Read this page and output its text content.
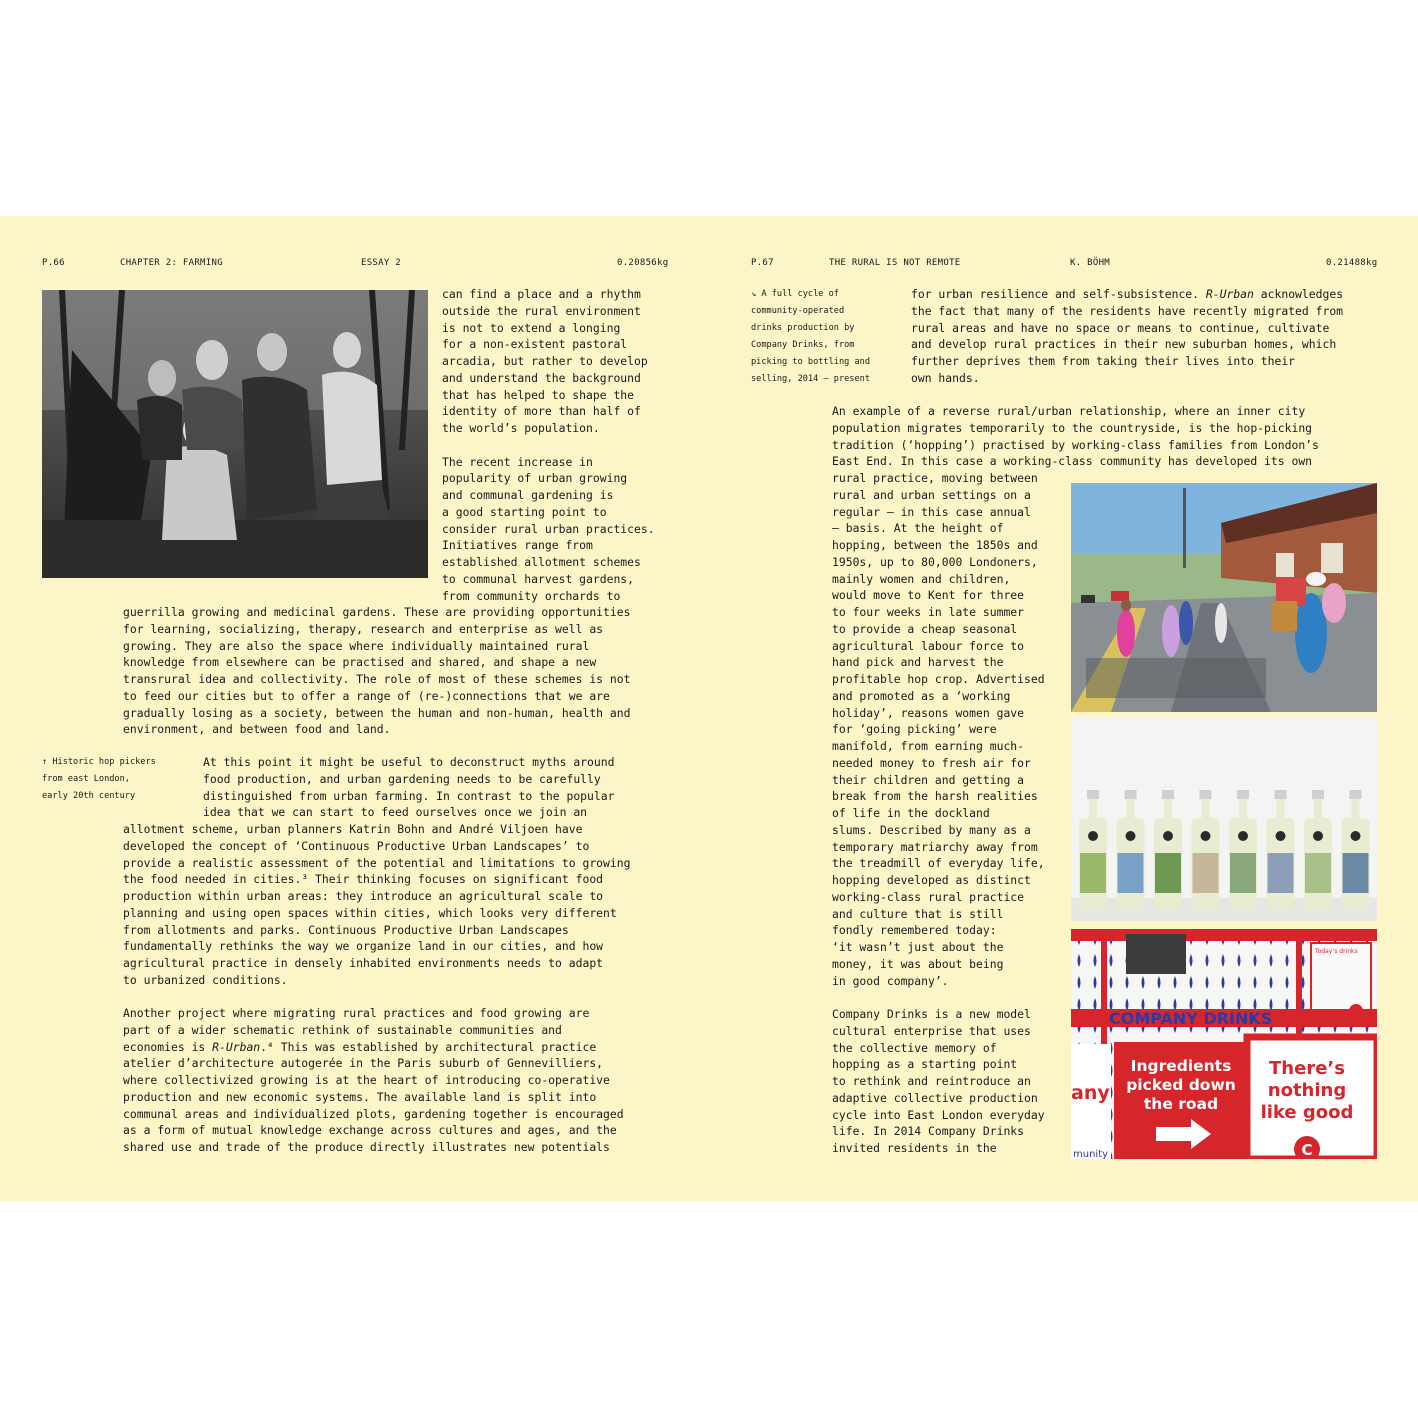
P.66	CHAPTER 2: FARMING	ESSAY 2	0.20856kg	P.67	THE RURAL IS NOT REMOTE	K. BÖHM	0.21488kg
can find a place and a rhythm
outside the rural environment
is not to extend a longing
for a non-existent pastoral
arcadia, but rather to develop
and understand the background
that has helped to shape the
identity of more than half of
the world’s population.

The recent increase in
popularity of urban growing
and communal gardening is
a good starting point to
consider rural urban practices.
Initiatives range from
established allotment schemes
to communal harvest gardens,
from community orchards to
guerrilla growing and medicinal gardens. These are providing opportunities
for learning, socializing, therapy, research and enterprise as well as
growing. They are also the space where individually maintained rural
knowledge from elsewhere can be practised and shared, and shape a new
transrural idea and collectivity. The role of most of these schemes is not
to feed our cities but to offer a range of (re-)connections that we are
gradually losing as a society, between the human and non-human, health and
environment, and between food and land.
↑ Historic hop pickers
from east London,
early 20th century
At this point it might be useful to deconstruct myths around
food production, and urban gardening needs to be carefully
distinguished from urban farming. In contrast to the popular
idea that we can start to feed ourselves once we join an
allotment scheme, urban planners Katrin Bohn and André Viljoen have
developed the concept of ‘Continuous Productive Urban Landscapes’ to
provide a realistic assessment of the potential and limitations to growing
the food needed in cities.³ Their thinking focuses on significant food
production within urban areas: they introduce an agricultural scale to
planning and using open spaces within cities, which looks very different
from allotments and parks. Continuous Productive Urban Landscapes
fundamentally rethinks the way we organize land in our cities, and how
agricultural practice in densely inhabited environments needs to adapt
to urbanized conditions.
Another project where migrating rural practices and food growing are
part of a wider schematic rethink of sustainable communities and
economies is R-Urban.⁴ This was established by architectural practice
atelier d’architecture autogerée in the Paris suburb of Gennevilliers,
where collectivized growing is at the heart of introducing co-operative
production and new economic systems. The available land is split into
communal areas and individualized plots, gardening together is encouraged
as a form of mutual knowledge exchange across cultures and ages, and the
shared use and trade of the produce directly illustrates new potentials
↘ A full cycle of
community-operated
drinks production by
Company Drinks, from
picking to bottling and
selling, 2014 – present
for urban resilience and self-subsistence. R-Urban acknowledges
the fact that many of the residents have recently migrated from
rural areas and have no space or means to continue, cultivate
and develop rural practices in their new suburban homes, which
further deprives them from taking their lives into their
own hands.
An example of a reverse rural/urban relationship, where an inner city
population migrates temporarily to the countryside, is the hop-picking
tradition (‘hopping’) practised by working-class families from London’s
East End. In this case a working-class community has developed its own
rural practice, moving between
rural and urban settings on a
regular – in this case annual
– basis. At the height of
hopping, between the 1850s and
1950s, up to 80,000 Londoners,
mainly women and children,
would move to Kent for three
to four weeks in late summer
to provide a cheap seasonal
agricultural labour force to
hand pick and harvest the
profitable hop crop. Advertised
and promoted as a ‘working
holiday’, reasons women gave
for ‘going picking’ were
manifold, from earning much-
needed money to fresh air for
their children and getting a
break from the harsh realities
of life in the dockland
slums. Described by many as a
temporary matriarchy away from
the treadmill of everyday life,
hopping developed as distinct
working-class rural practice
and culture that is still
fondly remembered today:
‘it wasn’t just about the
money, it was about being
in good company’.

Company Drinks is a new model
cultural enterprise that uses
the collective memory of
hopping as a starting point
to rethink and reintroduce an
adaptive collective production
cycle into East London everyday
life. In 2014 Company Drinks
invited residents in the
Today’s drinks
COMPANY DRINKS
any
munity
Ingredients
picked down
the road
There’s
nothing
like good
C
